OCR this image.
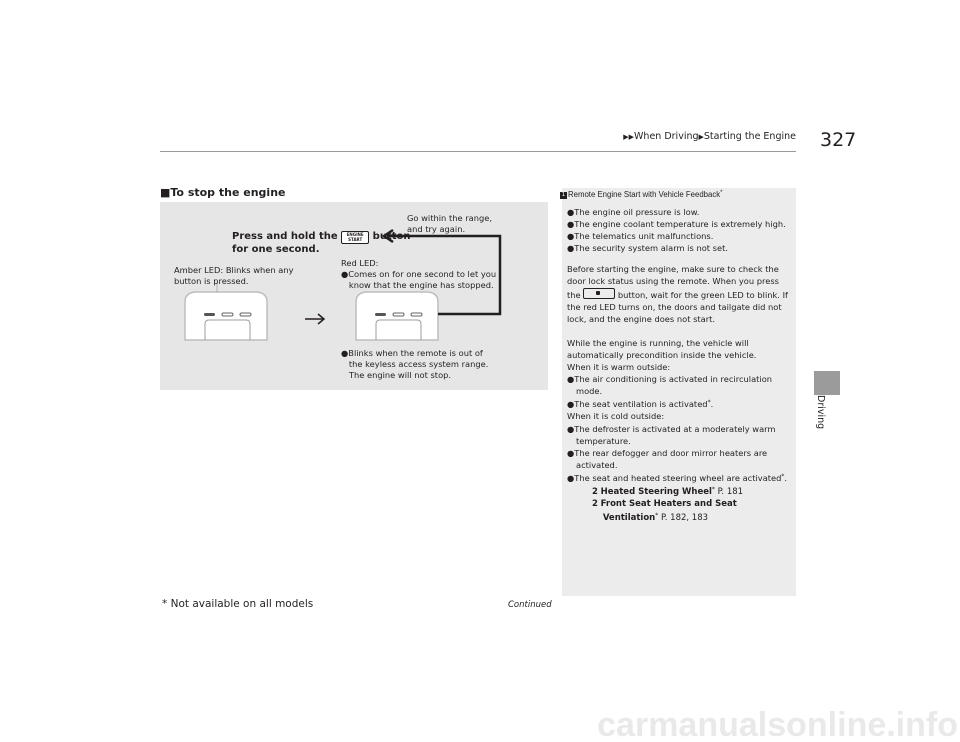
▶▶When Driving▶Starting the Engine 327
Driving
■To stop the engine
Press and hold the ENGINE
START button
for one second.
Go within the range,
and try again.
Amber LED: Blinks when any
button is pressed.
Red LED:
●Comes on for one second to let you
know that the engine has stopped.
●Blinks when the remote is out of
the keyless access system range.
The engine will not stop.
1 Remote Engine Start with Vehicle Feedback*
●The engine oil pressure is low.
●The engine coolant temperature is extremely high.
●The telematics unit malfunctions.
●The security system alarm is not set.
Before starting the engine, make sure to check the
door lock status using the remote. When you press
the	button, wait for the green LED to blink. If
the red LED turns on, the doors and tailgate did not
lock, and the engine does not start.
While the engine is running, the vehicle will
automatically precondition inside the vehicle.
When it is warm outside:
●The air conditioning is activated in recirculation
mode.
●The seat ventilation is activated*.
When it is cold outside:
●The defroster is activated at a moderately warm
temperature.
●The rear defogger and door mirror heaters are
activated.
●The seat and heated steering wheel are activated*.
2 Heated Steering Wheel* P. 181
2 Front Seat Heaters and Seat
Ventilation* P. 182, 183
Continued
* Not available on all models
carmanualsonline.info
